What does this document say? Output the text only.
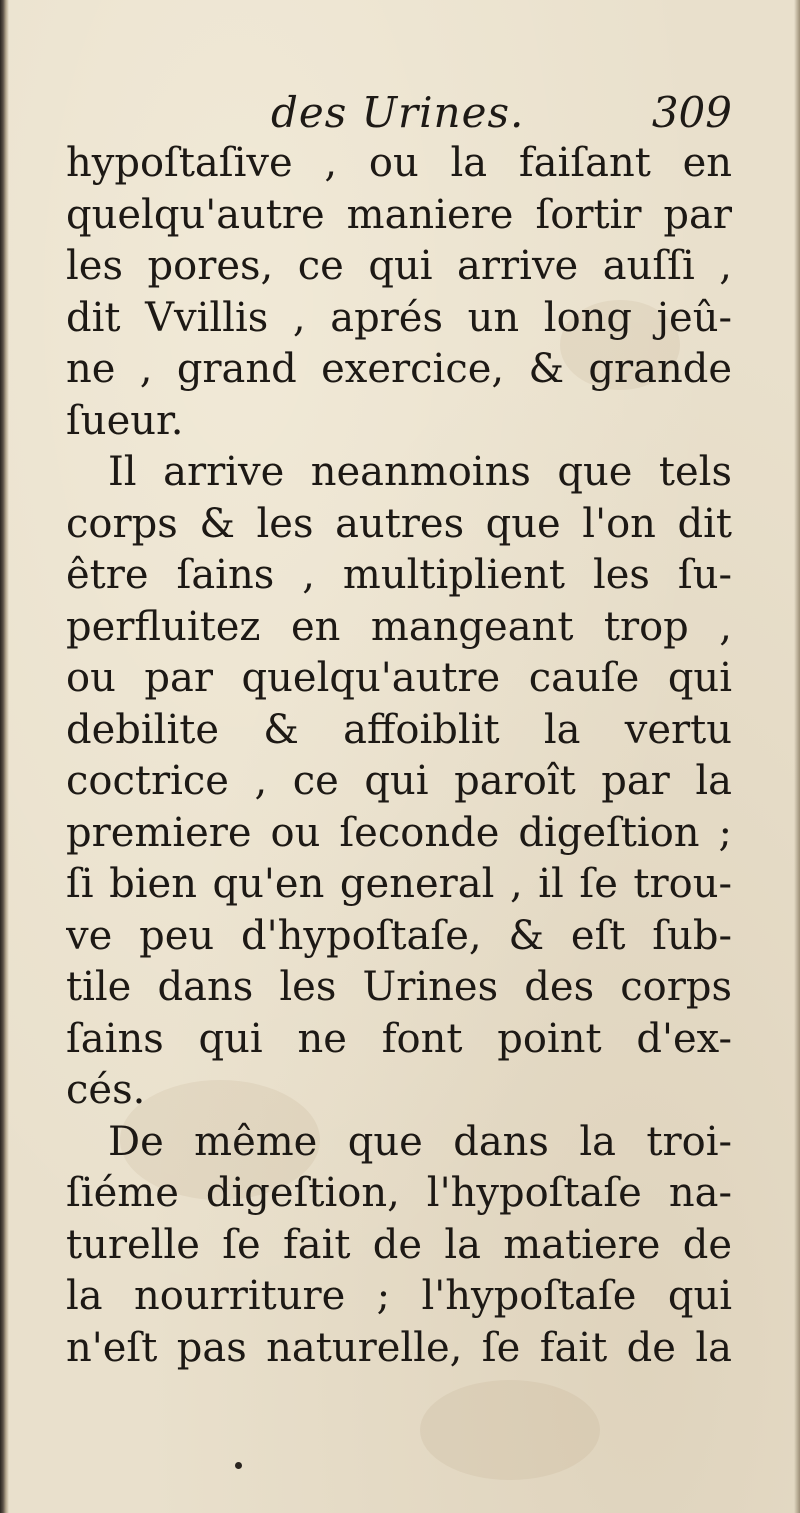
des Urines.	309
hypoſtaſive , ou la faiſant en
quelqu'autre maniere ſortir par
les pores, ce qui arrive auſſi ,
dit Vvillis , aprés un long jeû-
ne , grand exercice, & grande
ſueur.
Il arrive neanmoins que tels
corps & les autres que l'on dit
être ſains , multiplient les ſu-
perfluitez en mangeant trop ,
ou par quelqu'autre cauſe qui
debilite & affoiblit la vertu
coctrice , ce qui paroît par la
premiere ou ſeconde digeſtion ;
ſi bien qu'en general , il ſe trou-
ve peu d'hypoſtaſe, & eſt ſub-
tile dans les Urines des corps
ſains qui ne font point d'ex-
cés.
De même que dans la troi-
ſiéme digeſtion, l'hypoſtaſe na-
turelle ſe fait de la matiere de
la nourriture ; l'hypoſtaſe qui
n'eſt pas naturelle, ſe fait de la
